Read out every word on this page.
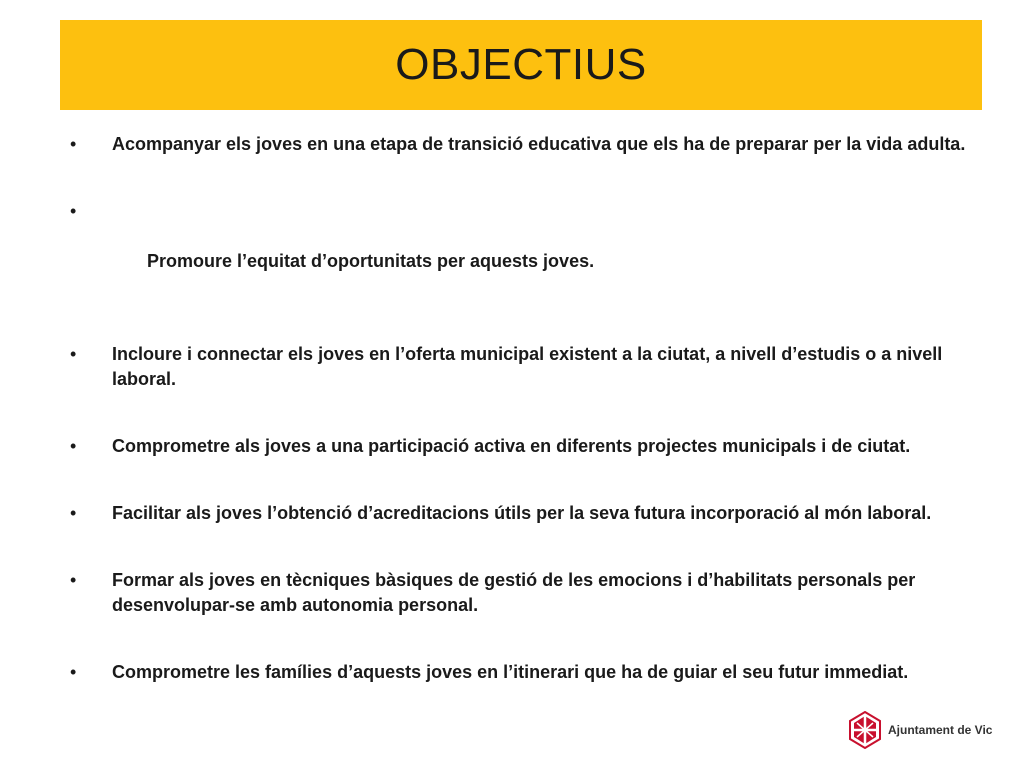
OBJECTIUS
•	Acompanyar els joves en una etapa de transició educativa que els ha de preparar per la vida adulta.

•

Promoure l’equitat d’oportunitats per aquests joves.

•	Incloure i connectar els joves en l’oferta municipal existent a la ciutat, a nivell d’estudis o a nivell laboral.
•	Comprometre als joves a una participació activa en diferents projectes municipals i de ciutat.
•	Facilitar als joves l’obtenció d’acreditacions útils per la seva futura incorporació al món laboral.
•	Formar als joves en tècniques bàsiques de gestió de les emocions i d’habilitats personals per desenvolupar-se amb autonomia personal.
•	Comprometre les famílies d’aquests joves en l’itinerari que ha de guiar el seu futur immediat.
Ajuntament de Vic
